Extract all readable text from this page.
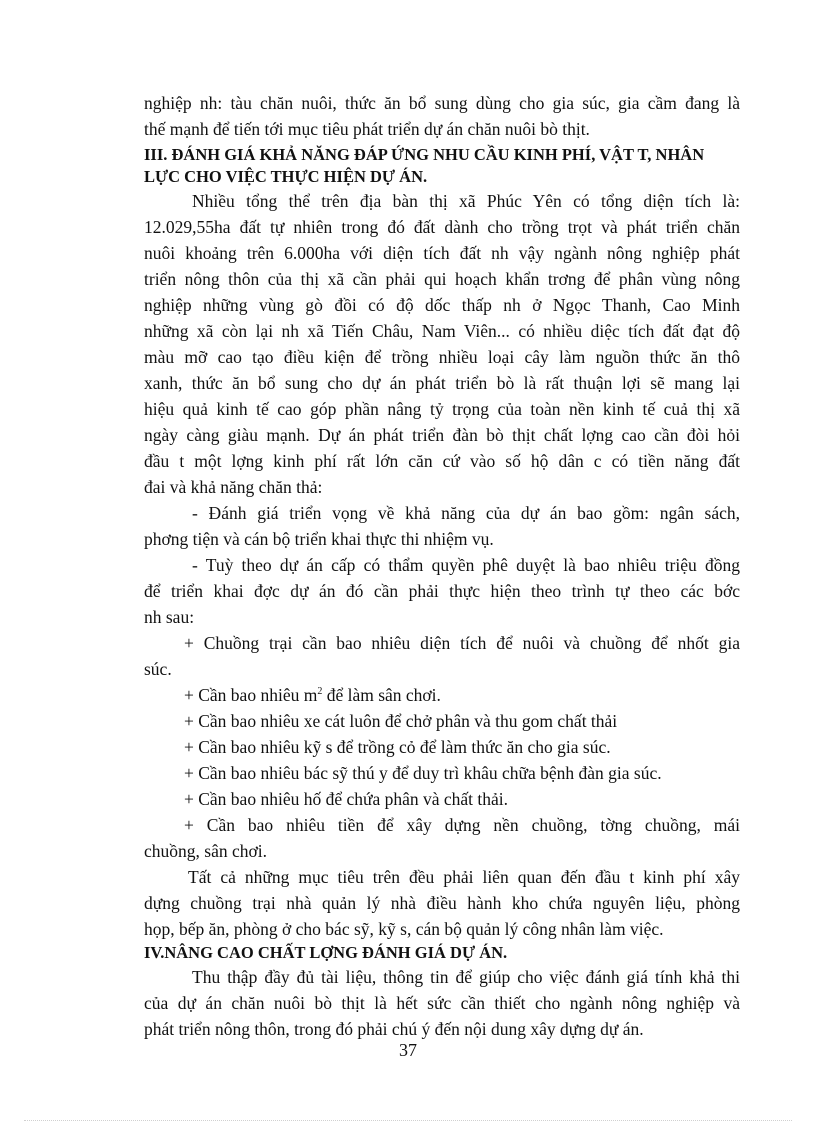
nghiệp nh: tàu chăn nuôi, thức ăn bổ sung dùng cho gia súc, gia cầm đang là
thế mạnh để tiến tới mục tiêu phát triển dự án chăn nuôi bò thịt.
III. ĐÁNH GIÁ KHẢ NĂNG ĐÁP ỨNG NHU CẦU KINH PHÍ, VẬT T, NHÂN
LỰC CHO VIỆC THỰC HIỆN DỰ ÁN.
Nhiều tổng thể trên địa bàn thị xã Phúc Yên có tổng diện tích là:
12.029,55ha đất tự nhiên trong đó đất dành cho trồng trọt và phát triển chăn
nuôi khoảng trên 6.000ha với diện tích đất nh vậy ngành nông nghiệp phát
triển nông thôn của thị xã cần phải qui hoạch khẩn trơng để phân vùng nông
nghiệp những vùng gò đồi có độ dốc thấp nh ở Ngọc Thanh, Cao Minh
những xã còn lại nh xã Tiến Châu, Nam Viên... có nhiều diệc tích đất đạt độ
màu mỡ cao tạo điều kiện để trồng nhiều loại cây làm nguồn thức ăn thô
xanh, thức ăn bổ sung cho dự án phát triển bò là rất thuận lợi sẽ mang lại
hiệu quả kinh tế cao góp phần nâng tỷ trọng của toàn nền kinh tế cuả thị xã
ngày càng giàu mạnh. Dự án phát triển đàn bò thịt chất lợng cao cần đòi hỏi
đầu t một lợng kinh phí rất lớn căn cứ vào số hộ dân c có tiền năng đất
đai và khả năng chăn thả:
- Đánh giá triển vọng về khả năng của dự án bao gồm: ngân sách,
phơng tiện và cán bộ triển khai thực thi nhiệm vụ.
- Tuỳ theo dự án cấp có thẩm quyền phê duyệt là bao nhiêu triệu đồng
để triển khai đợc dự án đó cần phải thực hiện theo trình tự theo các bớc
nh sau:
+ Chuồng trại cần bao nhiêu diện tích để nuôi và chuồng để nhốt gia
súc.
+ Cần bao nhiêu $m^2$ để làm sân chơi.
+ Cần bao nhiêu xe cát luôn để chở phân và thu gom chất thải
+ Cần bao nhiêu kỹ s để trồng cỏ để làm thức ăn cho gia súc.
+ Cần bao nhiêu bác sỹ thú y để duy trì khâu chữa bệnh đàn gia súc.
+ Cần bao nhiêu hố để chứa phân và chất thải.
+ Cần bao nhiêu tiền để xây dựng nền chuồng, tờng chuồng, mái
chuồng, sân chơi.
Tất cả những mục tiêu trên đều phải liên quan đến đầu t kinh phí xây
dựng chuồng trại nhà quản lý nhà điều hành kho chứa nguyên liệu, phòng
họp, bếp ăn, phòng ở cho bác sỹ, kỹ s, cán bộ quản lý công nhân làm việc.
IV.NÂNG CAO CHẤT LỢNG ĐÁNH GIÁ DỰ ÁN.
Thu thập đầy đủ tài liệu, thông tin để giúp cho việc đánh giá tính khả thi
của dự án chăn nuôi bò thịt là hết sức cần thiết cho ngành nông nghiệp và
phát triển nông thôn, trong đó phải chú ý đến nội dung xây dựng dự án.
37
